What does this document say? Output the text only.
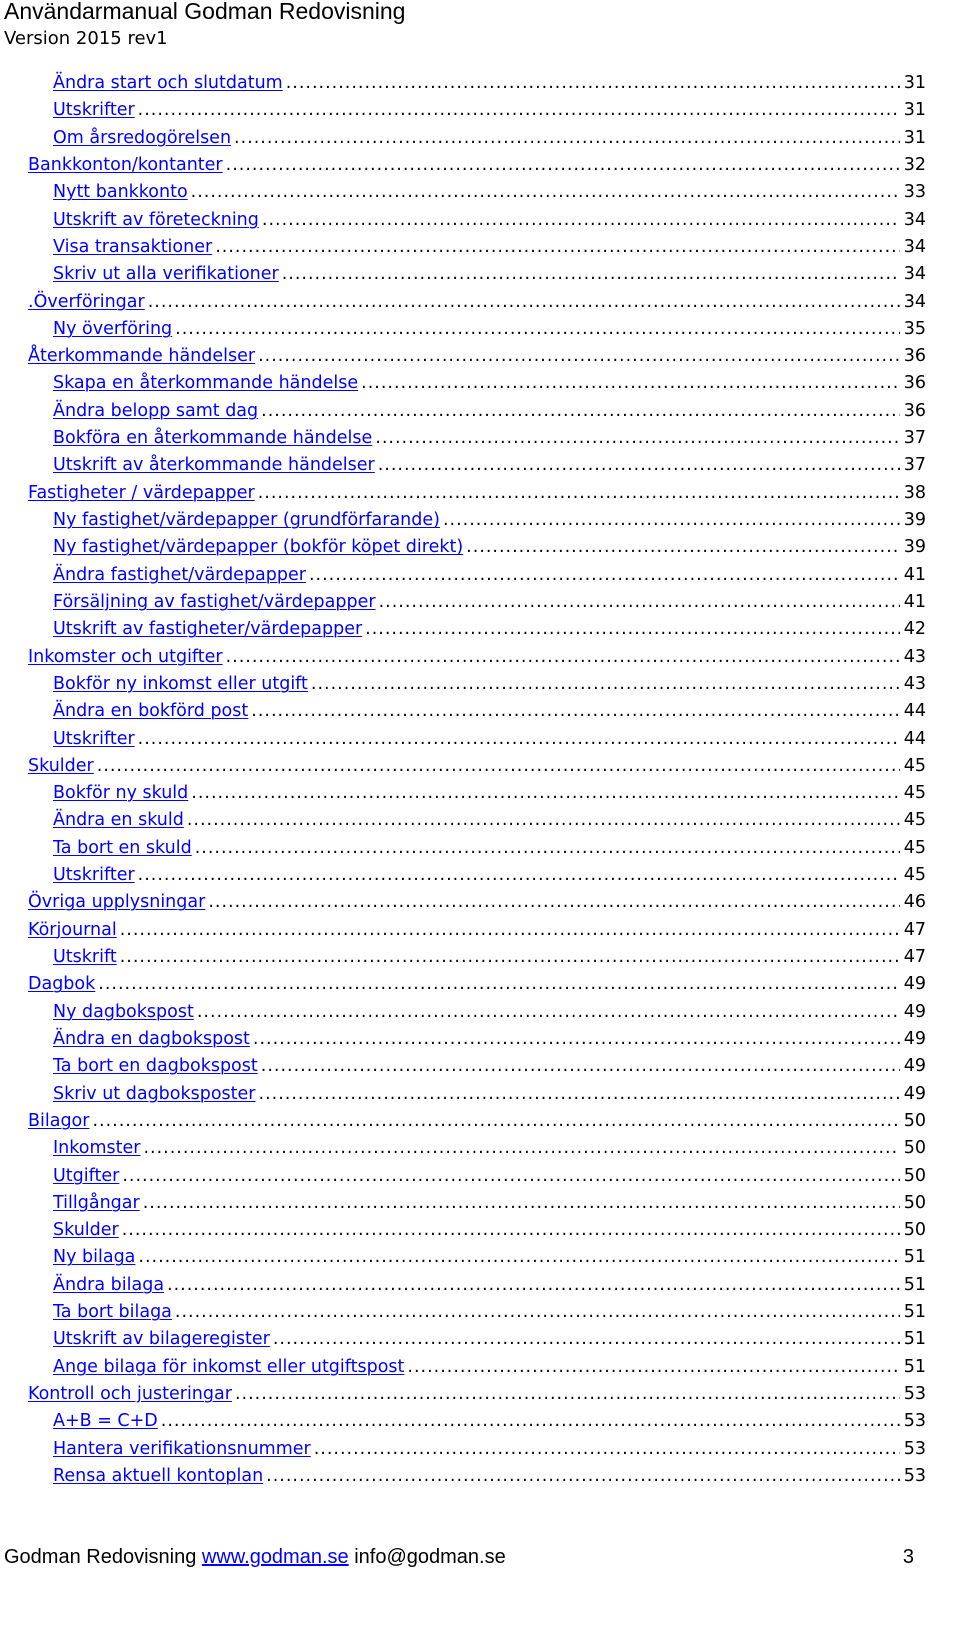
Användarmanual Godman Redovisning
Version 2015 rev1
Ändra start och slutdatum .....	31
Utskrifter .....	31
Om årsredogörelsen .....	31
Bankkonton/kontanter .....	32
Nytt bankkonto .....	33
Utskrift av företeckning .....	34
Visa transaktioner .....	34
Skriv ut alla verifikationer .....	34
.Överföringar .....	34
Ny överföring .....	35
Återkommande händelser .....	36
Skapa en återkommande händelse .....	36
Ändra belopp samt dag .....	36
Bokföra en återkommande händelse .....	37
Utskrift av återkommande händelser .....	37
Fastigheter / värdepapper .....	38
Ny fastighet/värdepapper (grundförfarande) .....	39
Ny fastighet/värdepapper (bokför köpet direkt) .....	39
Ändra fastighet/värdepapper .....	41
Försäljning av fastighet/värdepapper .....	41
Utskrift av fastigheter/värdepapper .....	42
Inkomster och utgifter .....	43
Bokför ny inkomst eller utgift .....	43
Ändra en bokförd post .....	44
Utskrifter .....	44
Skulder .....	45
Bokför ny skuld .....	45
Ändra en skuld .....	45
Ta bort en skuld .....	45
Utskrifter .....	45
Övriga upplysningar .....	46
Körjournal .....	47
Utskrift .....	47
Dagbok .....	49
Ny dagbokspost .....	49
Ändra en dagbokspost .....	49
Ta bort en dagbokspost .....	49
Skriv ut dagboksposter .....	49
Bilagor .....	50
Inkomster .....	50
Utgifter .....	50
Tillgångar .....	50
Skulder .....	50
Ny bilaga .....	51
Ändra bilaga .....	51
Ta bort bilaga .....	51
Utskrift av bilageregister .....	51
Ange bilaga för inkomst eller utgiftspost .....	51
Kontroll och justeringar .....	53
A+B = C+D .....	53
Hantera verifikationsnummer .....	53
Rensa aktuell kontoplan .....	53
Godman Redovisning www.godman.se info@godman.se	3
